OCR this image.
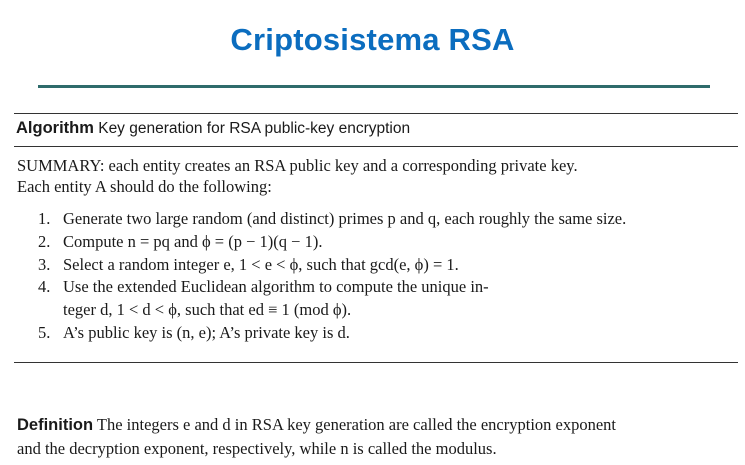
Criptosistema RSA
Algorithm Key generation for RSA public-key encryption
SUMMARY: each entity creates an RSA public key and a corresponding private key.
Each entity A should do the following:
1. Generate two large random (and distinct) primes p and q, each roughly the same size.
2. Compute n = pq and ϕ = (p − 1)(q − 1).
3. Select a random integer e, 1 < e < ϕ, such that gcd(e, ϕ) = 1.
4. Use the extended Euclidean algorithm to compute the unique in-
teger d, 1 < d < ϕ, such that ed ≡ 1 (mod ϕ).
5. A’s public key is (n, e); A’s private key is d.
Definition The integers e and d in RSA key generation are called the encryption exponent
and the decryption exponent, respectively, while n is called the modulus.
